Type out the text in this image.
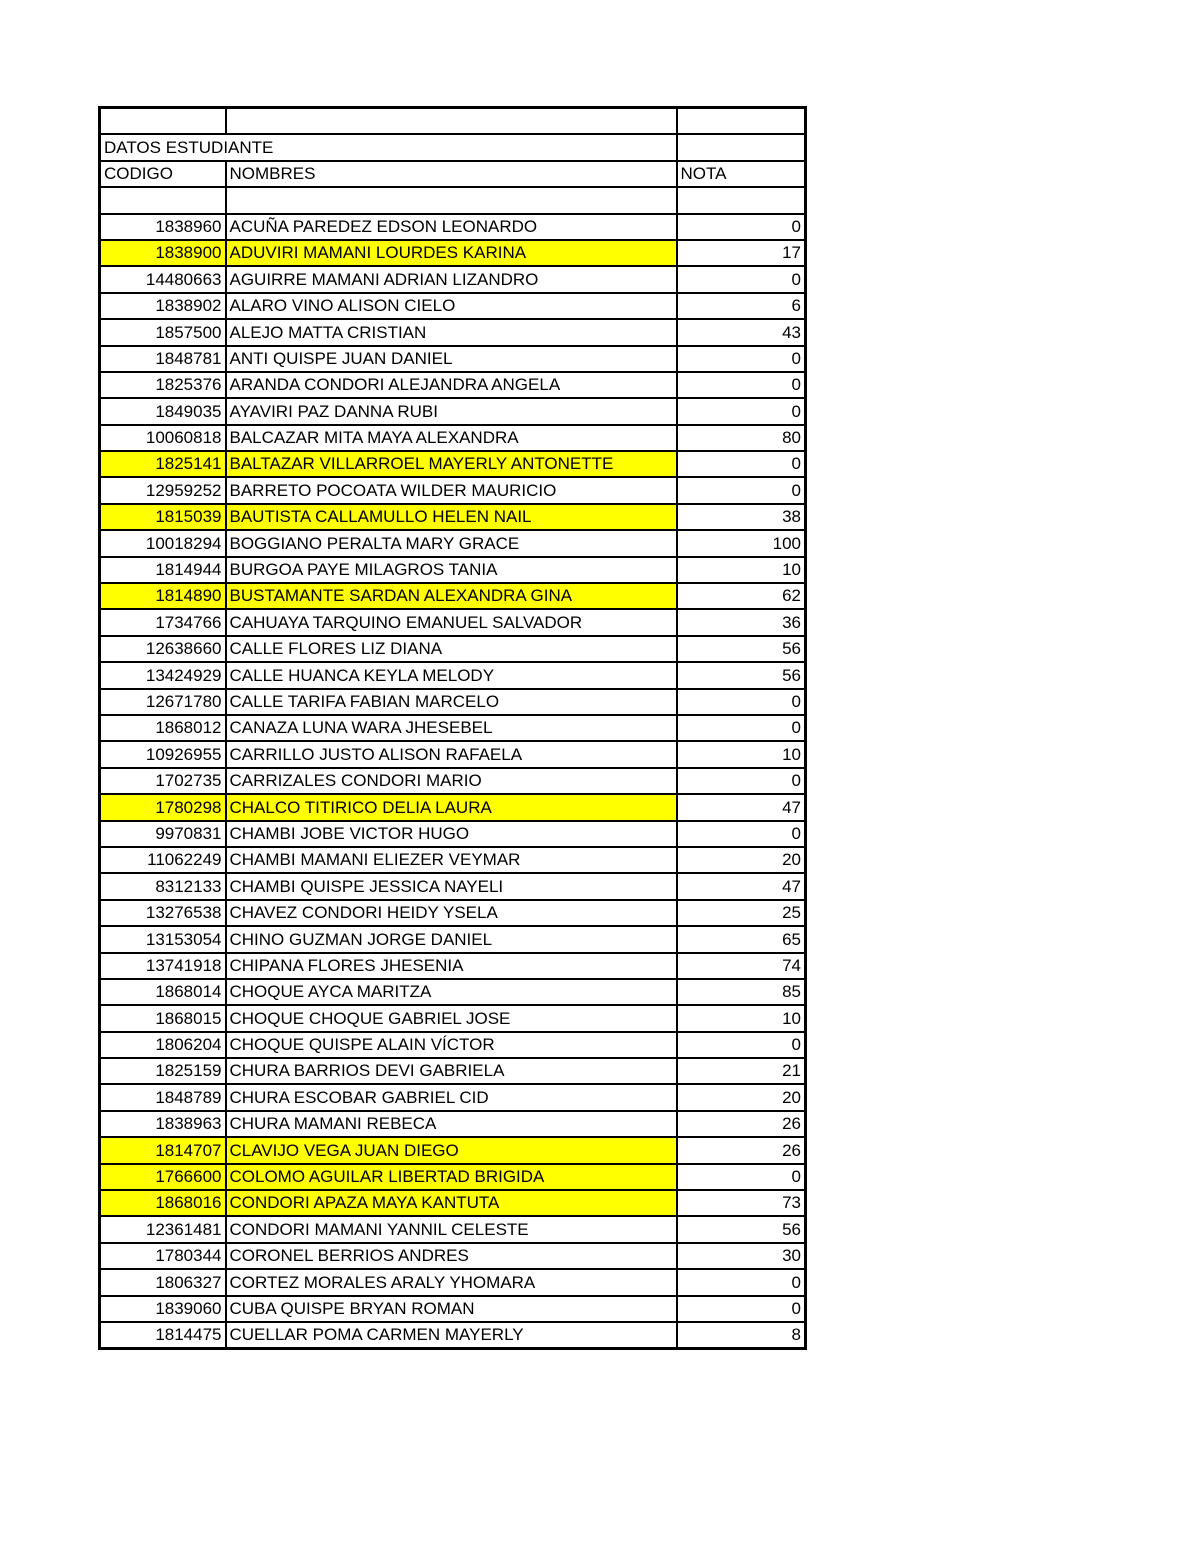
DATOS ESTUDIANTE		
CODIGO	NOMBRES	NOTA

1838960	ACUÑA PAREDEZ EDSON LEONARDO	0
1838900	ADUVIRI MAMANI LOURDES KARINA	17
14480663	AGUIRRE MAMANI ADRIAN LIZANDRO	0
1838902	ALARO VINO ALISON CIELO	6
1857500	ALEJO MATTA CRISTIAN	43
1848781	ANTI QUISPE JUAN DANIEL	0
1825376	ARANDA CONDORI ALEJANDRA ANGELA	0
1849035	AYAVIRI PAZ DANNA RUBI	0
10060818	BALCAZAR MITA MAYA ALEXANDRA	80
1825141	BALTAZAR VILLARROEL MAYERLY ANTONETTE	0
12959252	BARRETO POCOATA WILDER MAURICIO	0
1815039	BAUTISTA CALLAMULLO HELEN NAIL	38
10018294	BOGGIANO PERALTA MARY GRACE	100
1814944	BURGOA PAYE MILAGROS TANIA	10
1814890	BUSTAMANTE SARDAN ALEXANDRA GINA	62
1734766	CAHUAYA TARQUINO EMANUEL SALVADOR	36
12638660	CALLE FLORES LIZ DIANA	56
13424929	CALLE HUANCA KEYLA MELODY	56
12671780	CALLE TARIFA FABIAN MARCELO	0
1868012	CANAZA LUNA WARA JHESEBEL	0
10926955	CARRILLO JUSTO ALISON RAFAELA	10
1702735	CARRIZALES CONDORI MARIO	0
1780298	CHALCO TITIRICO DELIA LAURA	47
9970831	CHAMBI JOBE VICTOR HUGO	0
11062249	CHAMBI MAMANI ELIEZER VEYMAR	20
8312133	CHAMBI QUISPE JESSICA NAYELI	47
13276538	CHAVEZ CONDORI HEIDY YSELA	25
13153054	CHINO GUZMAN JORGE DANIEL	65
13741918	CHIPANA FLORES JHESENIA	74
1868014	CHOQUE AYCA MARITZA	85
1868015	CHOQUE CHOQUE GABRIEL JOSE	10
1806204	CHOQUE QUISPE ALAIN VÍCTOR	0
1825159	CHURA BARRIOS DEVI GABRIELA	21
1848789	CHURA ESCOBAR GABRIEL CID	20
1838963	CHURA MAMANI REBECA	26
1814707	CLAVIJO VEGA JUAN DIEGO	26
1766600	COLOMO AGUILAR LIBERTAD BRIGIDA	0
1868016	CONDORI APAZA MAYA KANTUTA	73
12361481	CONDORI MAMANI YANNIL CELESTE	56
1780344	CORONEL BERRIOS ANDRES	30
1806327	CORTEZ MORALES ARALY YHOMARA	0
1839060	CUBA QUISPE BRYAN ROMAN	0
1814475	CUELLAR POMA CARMEN MAYERLY	8
